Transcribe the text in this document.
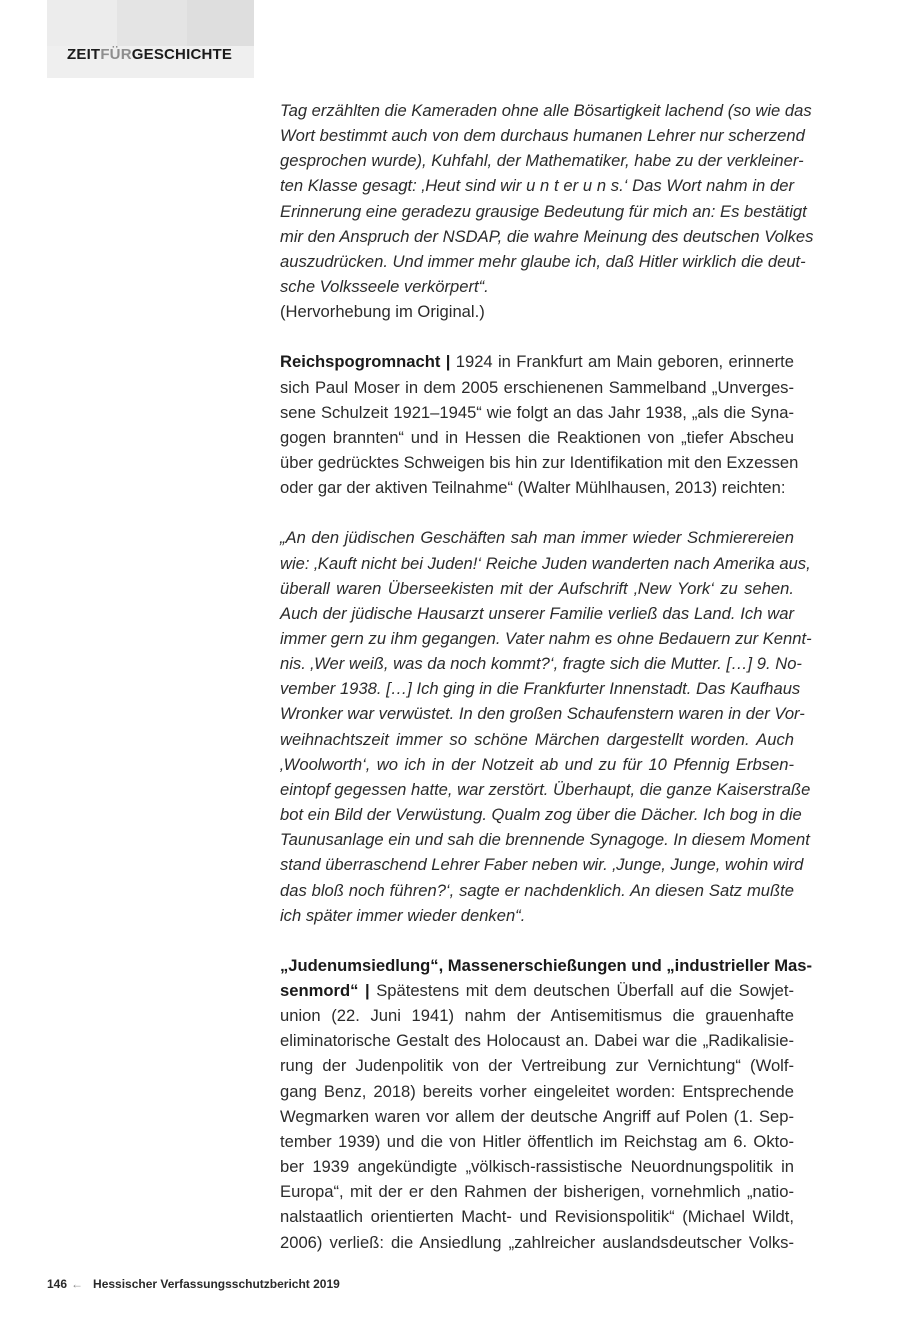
ZEITFÜRGESCHICHTE

Tag erzählten die Kameraden ohne alle Bösartigkeit lachend (so wie das
Wort bestimmt auch von dem durchaus humanen Lehrer nur scherzend
gesprochen wurde), Kuhfahl, der Mathematiker, habe zu der verkleiner-
ten Klasse gesagt: ‚Heut sind wir u n t er u n s.‘ Das Wort nahm in der
Erinnerung eine geradezu grausige Bedeutung für mich an: Es bestätigt
mir den Anspruch der NSDAP, die wahre Meinung des deutschen Volkes
auszudrücken. Und immer mehr glaube ich, daß Hitler wirklich die deut-
sche Volksseele verkörpert“.

(Hervorhebung im Original.)

Reichspogromnacht | 1924 in Frankfurt am Main geboren, erinnerte
sich Paul Moser in dem 2005 erschienenen Sammelband „Unverges-
sene Schulzeit 1921–1945“ wie folgt an das Jahr 1938, „als die Syna-
gogen brannten“ und in Hessen die Reaktionen von „tiefer Abscheu
über gedrücktes Schweigen bis hin zur Identifikation mit den Exzessen
oder gar der aktiven Teilnahme“ (Walter Mühlhausen, 2013) reichten:

„An den jüdischen Geschäften sah man immer wieder Schmierereien
wie: ‚Kauft nicht bei Juden!‘ Reiche Juden wanderten nach Amerika aus,
überall waren Überseekisten mit der Aufschrift ‚New York‘ zu sehen.
Auch der jüdische Hausarzt unserer Familie verließ das Land. Ich war
immer gern zu ihm gegangen. Vater nahm es ohne Bedauern zur Kennt-
nis. ‚Wer weiß, was da noch kommt?‘, fragte sich die Mutter. […] 9. No-
vember 1938. […] Ich ging in die Frankfurter Innenstadt. Das Kaufhaus
Wronker war verwüstet. In den großen Schaufenstern waren in der Vor-
weihnachtszeit immer so schöne Märchen dargestellt worden. Auch
‚Woolworth‘, wo ich in der Notzeit ab und zu für 10 Pfennig Erbsen-
eintopf gegessen hatte, war zerstört. Überhaupt, die ganze Kaiserstraße
bot ein Bild der Verwüstung. Qualm zog über die Dächer. Ich bog in die
Taunusanlage ein und sah die brennende Synagoge. In diesem Moment
stand überraschend Lehrer Faber neben wir. ‚Junge, Junge, wohin wird
das bloß noch führen?‘, sagte er nachdenklich. An diesen Satz mußte
ich später immer wieder denken“.

„Judenumsiedlung“, Massenerschießungen und „industrieller Mas-
senmord“ | Spätestens mit dem deutschen Überfall auf die Sowjet-
union (22. Juni 1941) nahm der Antisemitismus die grauenhafte
eliminatorische Gestalt des Holocaust an. Dabei war die „Radikalisie-
rung der Judenpolitik von der Vertreibung zur Vernichtung“ (Wolf-
gang Benz, 2018) bereits vorher eingeleitet worden: Entsprechende
Wegmarken waren vor allem der deutsche Angriff auf Polen (1. Sep-
tember 1939) und die von Hitler öffentlich im Reichstag am 6. Okto-
ber 1939 angekündigte „völkisch-rassistische Neuordnungspolitik in
Europa“, mit der er den Rahmen der bisherigen, vornehmlich „natio-
nalstaatlich orientierten Macht- und Revisionspolitik“ (Michael Wildt,
2006) verließ: die Ansiedlung „zahlreicher auslandsdeutscher Volks-

146 ← Hessischer Verfassungsschutzbericht 2019
